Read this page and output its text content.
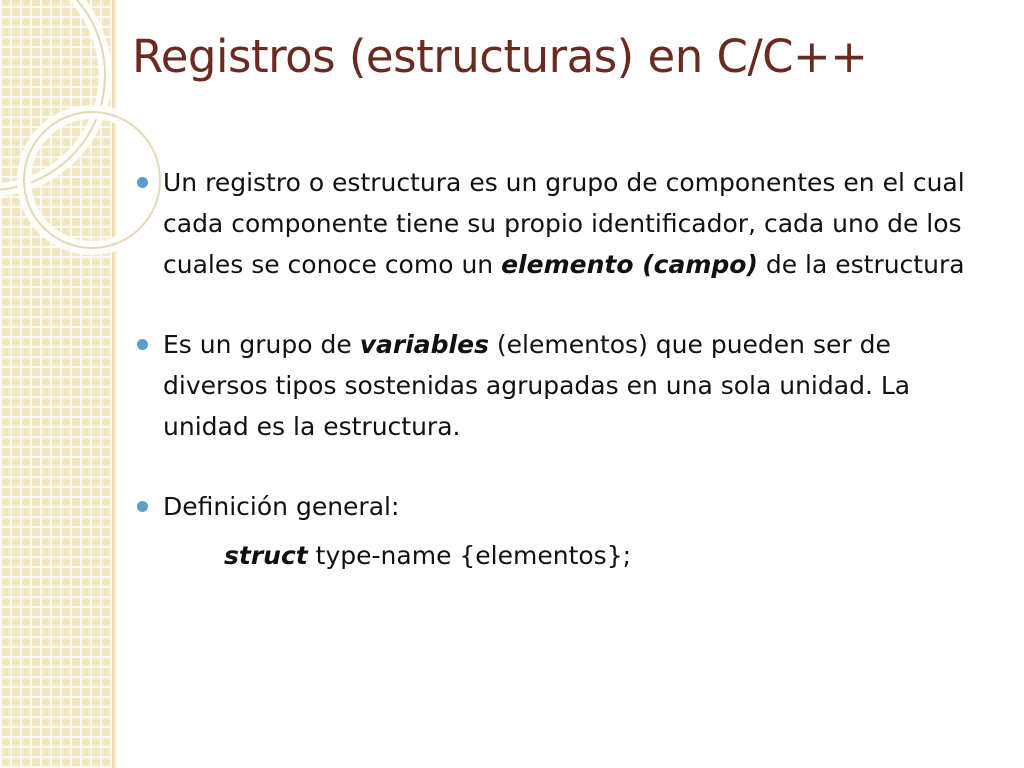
Registros (estructuras) en C/C++
Un registro o estructura es un grupo de componentes en el cual cada componente tiene su propio identificador, cada uno de los cuales se conoce como un elemento (campo) de la estructura
Es un grupo de variables (elementos) que pueden ser de diversos tipos sostenidas agrupadas en una sola unidad. La unidad es la estructura.
Definición general:
struct type-name {elementos};
